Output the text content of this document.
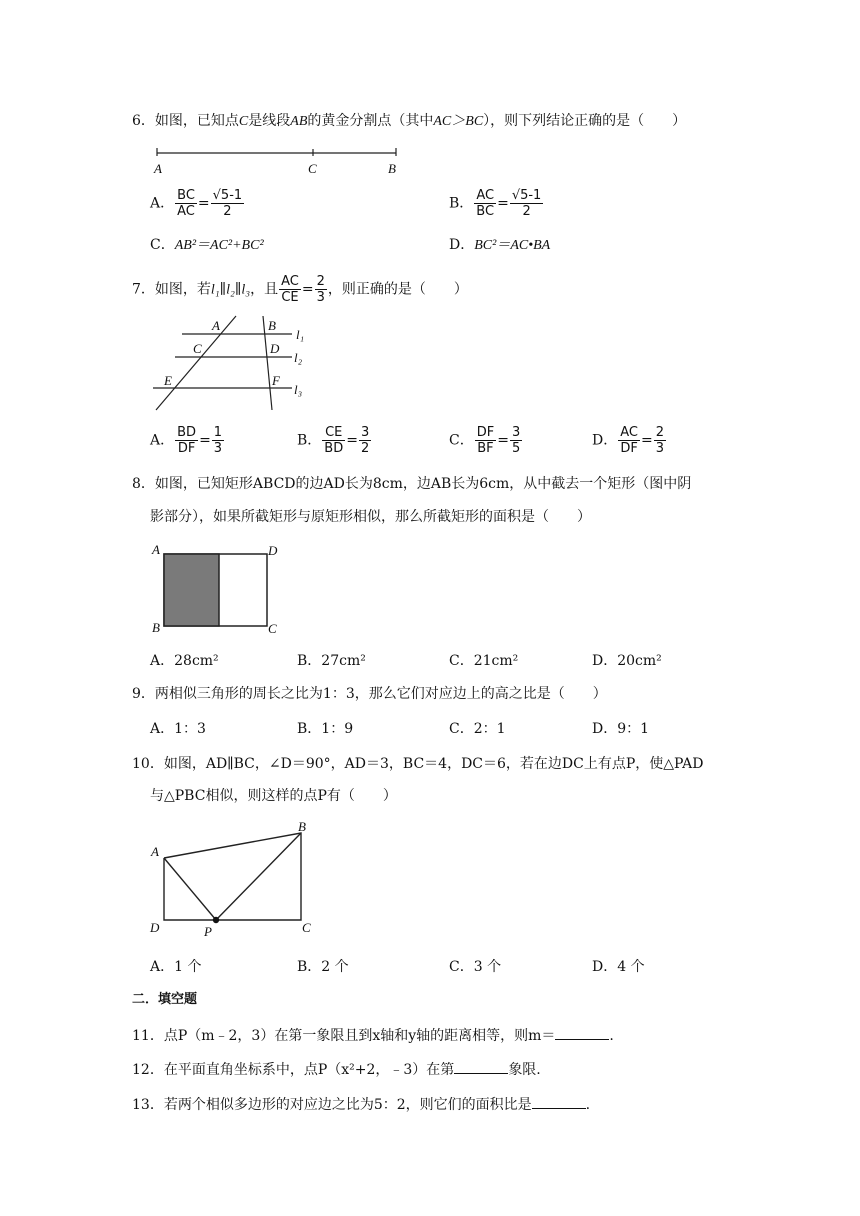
6．如图，已知点C是线段AB的黄金分割点（其中AC＞BC），则下列结论正确的是（　　）
A	C	B
A． $\frac{BC}{AC} = \frac{√5-1}{2}$	B． $\frac{AC}{BC} = \frac{√5-1}{2}$
C．AB²＝AC²+BC²	D．BC²＝AC•BA
7．如图，若l₁∥l₂∥l₃，且 $\frac{AC}{CE} = \frac{2}{3}$ ，则正确的是（　　）
A	B
l₁
C	D
l₂
E	F
l₃
A． $\frac{BD}{DF} = \frac{1}{3}$	B． $\frac{CE}{BD} = \frac{3}{2}$	C． $\frac{DF}{BF} = \frac{3}{5}$	D． $\frac{AC}{DF} = \frac{2}{3}$
8．如图，已知矩形ABCD的边AD长为8cm，边AB长为6cm，从中截去一个矩形（图中阴
影部分），如果所截矩形与原矩形相似，那么所截矩形的面积是（　　）
A	D
B	C
A．28cm²	B．27cm²	C．21cm²	D．20cm²
9．两相似三角形的周长之比为1：3，那么它们对应边上的高之比是（　　）
A．1：3	B．1：9	C．2：1	D．9：1
10．如图，AD∥BC，∠D＝90°，AD＝3，BC＝4，DC＝6，若在边DC上有点P，使△PAD
与△PBC相似，则这样的点P有（　　）
A
B
D	P	C
A．1 个	B．2 个	C．3 个	D．4 个
二．填空题
11．点P（m﹣2，3）在第一象限且到x轴和y轴的距离相等，则m＝	.
12．在平面直角坐标系中，点P（x²+2，﹣3）在第	象限.
13．若两个相似多边形的对应边之比为5：2，则它们的面积比是	.
